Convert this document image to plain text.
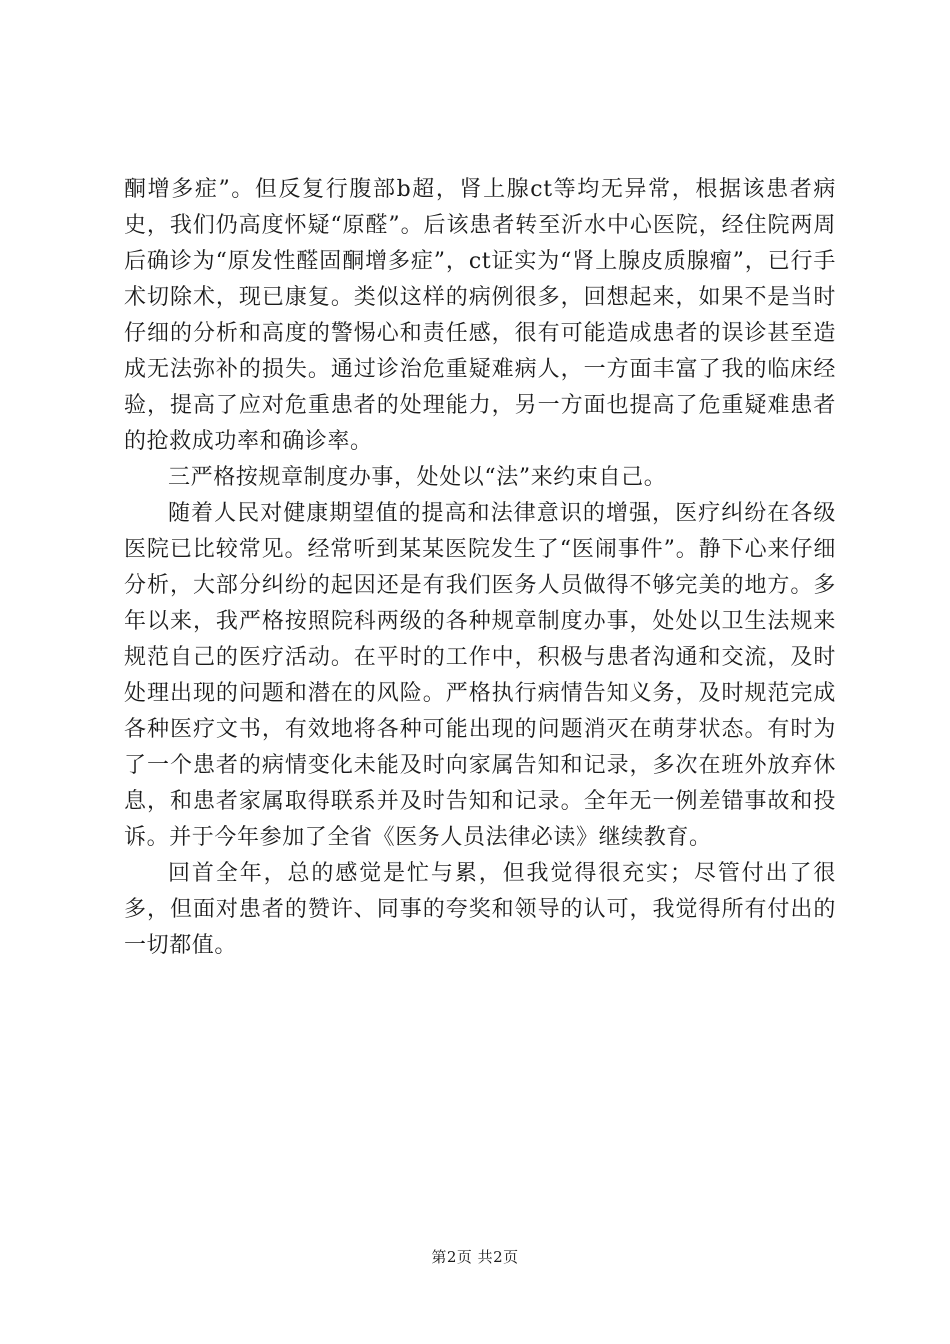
酮增多症”。但反复行腹部b超，肾上腺ct等均无异常，根据该患者病史，我们仍高度怀疑“原醛”。后该患者转至沂水中心医院，经住院两周后确诊为“原发性醛固酮增多症”，ct证实为“肾上腺皮质腺瘤”，已行手术切除术，现已康复。类似这样的病例很多，回想起来，如果不是当时仔细的分析和高度的警惕心和责任感，很有可能造成患者的误诊甚至造成无法弥补的损失。通过诊治危重疑难病人，一方面丰富了我的临床经验，提高了应对危重患者的处理能力，另一方面也提高了危重疑难患者的抢救成功率和确诊率。

三严格按规章制度办事，处处以“法”来约束自己。

随着人民对健康期望值的提高和法律意识的增强，医疗纠纷在各级医院已比较常见。经常听到某某医院发生了“医闹事件”。静下心来仔细分析，大部分纠纷的起因还是有我们医务人员做得不够完美的地方。多年以来，我严格按照院科两级的各种规章制度办事，处处以卫生法规来规范自己的医疗活动。在平时的工作中，积极与患者沟通和交流，及时处理出现的问题和潜在的风险。严格执行病情告知义务，及时规范完成各种医疗文书，有效地将各种可能出现的问题消灭在萌芽状态。有时为了一个患者的病情变化未能及时向家属告知和记录，多次在班外放弃休息，和患者家属取得联系并及时告知和记录。全年无一例差错事故和投诉。并于今年参加了全省《医务人员法律必读》继续教育。

回首全年，总的感觉是忙与累，但我觉得很充实；尽管付出了很多，但面对患者的赞许、同事的夸奖和领导的认可，我觉得所有付出的一切都值。

第2页 共2页
